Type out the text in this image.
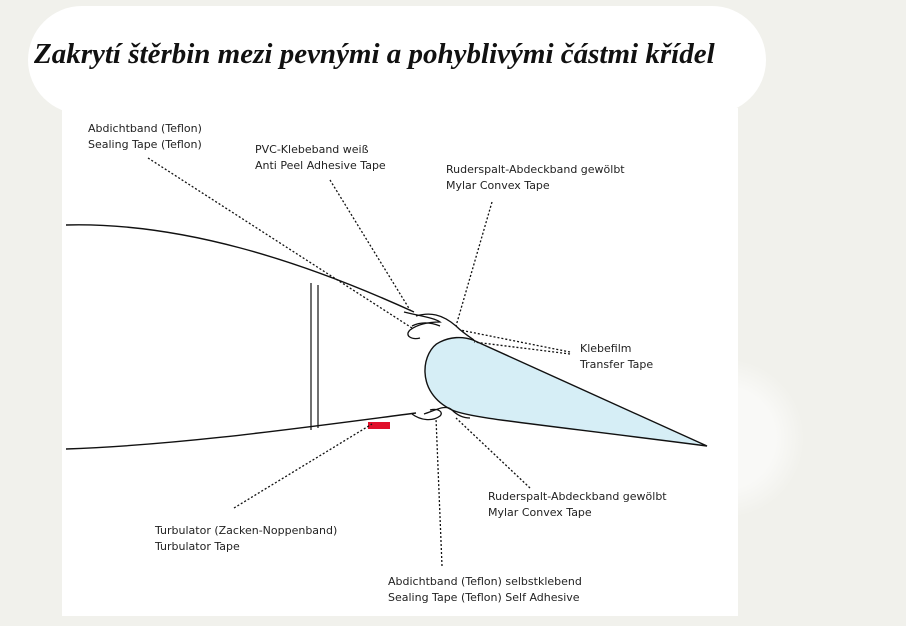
Zakrytí štěrbin mezi pevnými a pohyblivými částmi křídel
Abdichtband (Teflon)
Sealing Tape (Teflon)	PVC-Klebeband weiß
Anti Peel Adhesive Tape	Ruderspalt-Abdeckband gewölbt
Mylar Convex Tape
Klebefilm
Transfer Tape
Ruderspalt-Abdeckband gewölbt
Mylar Convex Tape
Turbulator (Zacken-Noppenband)
Turbulator Tape
Abdichtband (Teflon) selbstklebend
Sealing Tape (Teflon) Self Adhesive
